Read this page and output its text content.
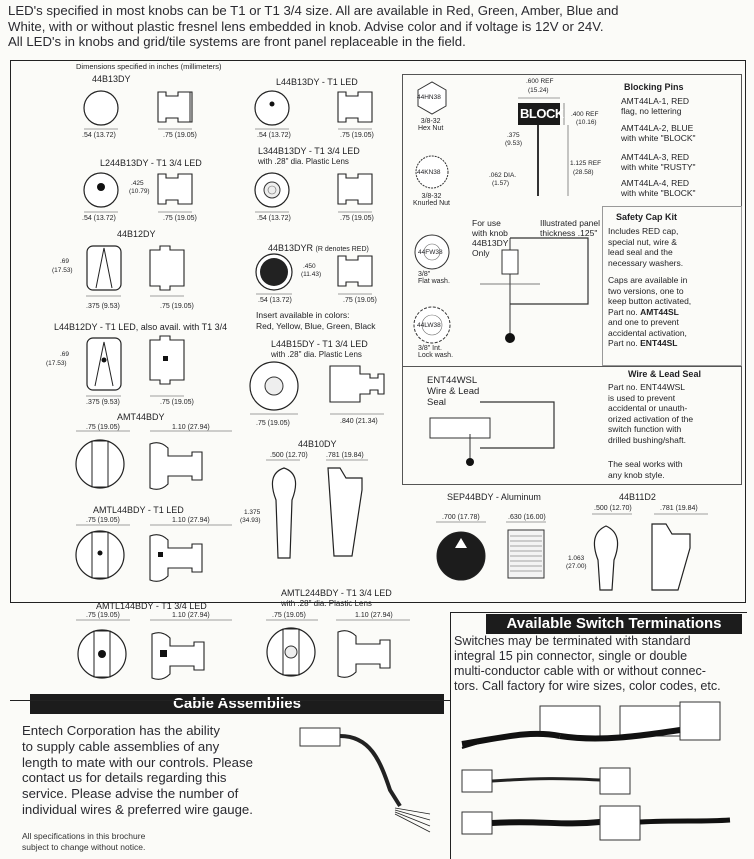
LED's specified in most knobs can be T1 or T1 3/4 size. All are available in Red, Green, Amber, Blue and
White, with or without plastic fresnel lens embedded in knob. Advise color and if voltage is 12V or 24V.
All LED's in knobs and grid/tile systems are front panel replaceable in the field.
Dimensions specified in inches (millimeters)
44B13DY
.54 (13.72)	.75 (19.05)
L44B13DY - T1 LED
.54 (13.72)	.75 (19.05)
L244B13DY - T1 3/4 LED
.425
(10.79)
.54 (13.72)	.75 (19.05)
L344B13DY - T1 3/4 LED
with .28" dia. Plastic Lens
.54 (13.72)	.75 (19.05)
44B12DY
.69
(17.53)
.375 (9.53)	.75 (19.05)
44B13DYR (R denotes RED)
.450
(11.43)
.54 (13.72)	.75 (19.05)
Insert available in colors:
Red, Yellow, Blue, Green, Black
L44B12DY - T1 LED, also avail. with T1 3/4
.69
(17.53)
.375 (9.53)	.75 (19.05)
L44B15DY - T1 3/4 LED
with .28" dia. Plastic Lens
.75 (19.05)	.840 (21.34)
AMT44BDY
.75 (19.05)	1.10 (27.94)
44B10DY
.500 (12.70)	.781 (19.84)
1.375
(34.93)
AMTL44BDY - T1 LED
.75 (19.05)	1.10 (27.94)
SEP44BDY - Aluminum
.700 (17.78)	.630 (16.00)
44B11D2
.500 (12.70)	.781 (19.84)
1.063
(27.00)
AMTL144BDY - T1 3/4 LED
.75 (19.05)	1.10 (27.94)
AMTL244BDY - T1 3/4 LED
with .28" dia. Plastic Lens
.75 (19.05)	1.10 (27.94)
44HN38
3/8-32
Hex Nut
44KN38
3/8-32
Knurled Nut
44FW38
3/8"
Flat wash.
44LW38
3/8" Int.
Lock wash.
.600 REF
(15.24)
BLOCK .400 REF
(10.16)
.375
(9.53)
1.125 REF
(28.58)
.062 DIA.
(1.57)
Blocking Pins
AMT44LA-1, RED
flag, no lettering
AMT44LA-2, BLUE
with white "BLOCK"
AMT44LA-3, RED
with white "RUSTY"
AMT44LA-4, RED
with white "BLOCK"
For use
with knob
44B13DY
Only
Illustrated panel
thickness .125"
Safety Cap Kit
Includes RED cap,
special nut, wire &
lead seal and the
necessary washers.
Caps are available in
two versions, one to
keep button activated,
Part no. AMT44SL
and one to prevent
accidental activation,
Part no. ENT44SL
ENT44WSL
Wire & Lead
Seal
Wire & Lead Seal
Part no. ENT44WSL
is used to prevent
accidental or unauth-
orized activation of the
switch function with
drilled bushing/shaft.
The seal works with
any knob style.
Available Switch Terminations
Switches may be terminated with standard
integral 15 pin connector, single or double
multi-conductor cable with or without connec-
tors. Call factory for wire sizes, color codes, etc.
Cable Assemblies
Entech Corporation has the ability
to supply cable assemblies of any
length to mate with our controls. Please
contact us for details regarding this
service. Please advise the number of
individual wires & preferred wire gauge.
All specifications in this brochure
subject to change without notice.
